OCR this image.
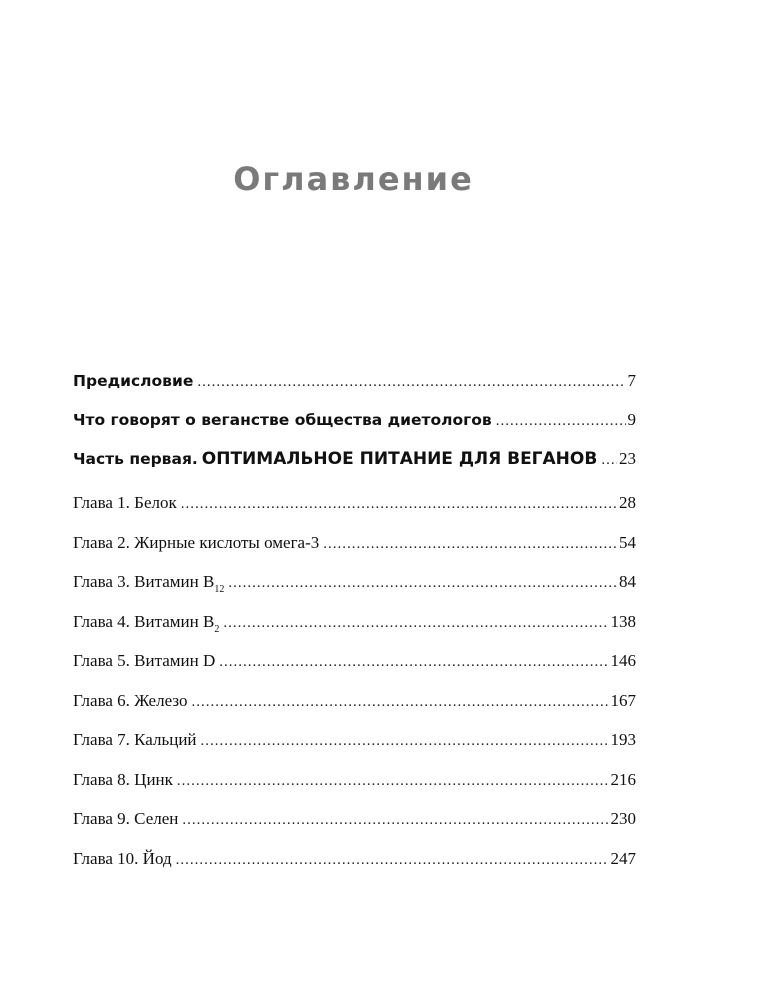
Оглавление
Предисловие .....	7
Что говорят о веганстве общества диетологов .....	9
Часть первая. ОПТИМАЛЬНОЕ ПИТАНИЕ ДЛЯ ВЕГАНОВ ..... 23
Глава 1. Белок .....	28
Глава 2. Жирные кислоты омега-3 .....	54
Глава 3. Витамин $B_{12}$ .....	84
Глава 4. Витамин $B_2$ .....	138
Глава 5. Витамин D .....	146
Глава 6. Железо .....	167
Глава 7. Кальций .....	193
Глава 8. Цинк .....	216
Глава 9. Селен .....	230
Глава 10. Йод .....	247
